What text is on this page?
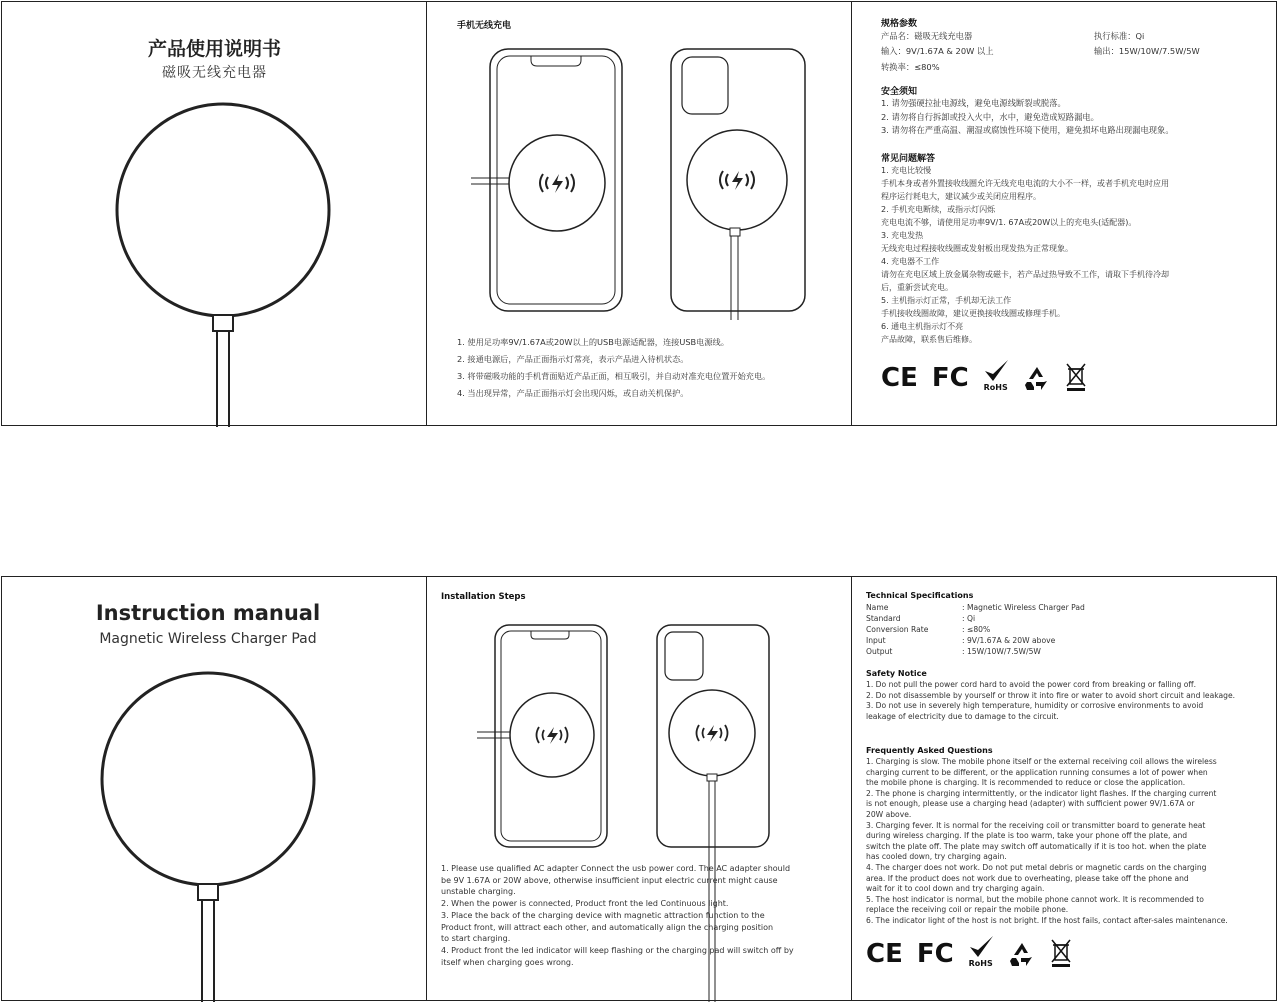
产品使用说明书
磁吸无线充电器
手机无线充电
1. 使用足功率9V/1.67A或20W以上的USB电源适配器，连接USB电源线。
2. 接通电源后，产品正面指示灯常亮，表示产品进入待机状态。
3. 将带磁吸功能的手机背面贴近产品正面，相互吸引，并自动对准充电位置开始充电。
4. 当出现异常，产品正面指示灯会出现闪烁，或自动关机保护。
规格参数
产品名：磁吸无线充电器	执行标准：Qi
输入：9V/1.67A & 20W 以上	输出：15W/10W/7.5W/5W
转换率：≤80%
安全须知
1. 请勿强硬拉扯电源线，避免电源线断裂或脱落。
2. 请勿将自行拆卸或投入火中，水中，避免造成短路漏电。
3. 请勿将在严重高温、潮湿或腐蚀性环境下使用，避免损坏电路出现漏电现象。
常见问题解答
1. 充电比较慢
手机本身或者外置接收线圈允许无线充电电流的大小不一样，或者手机充电时应用
程序运行耗电大，建议减少或关闭应用程序。
2. 手机充电断续，或指示灯闪烁
充电电流不够，请使用足功率9V/1. 67A或20W以上的充电头(适配器)。
3. 充电发热
无线充电过程接收线圈或发射板出现发热为正常现象。
4. 充电器不工作
请勿在充电区域上放金属杂物或磁卡，若产品过热导致不工作，请取下手机待冷却
后，重新尝试充电。
5. 主机指示灯正常，手机却无法工作
手机接收线圈故障，建议更换接收线圈或修理手机。
6. 通电主机指示灯不亮
产品故障，联系售后维修。
CE FC RoHS
Instruction manual
Magnetic Wireless Charger Pad
Installation Steps
1. Please use qualified AC adapter Connect the usb power cord. The AC adapter should
be 9V 1.67A or 20W above, otherwise insufficient input electric current might cause
unstable charging.
2. When the power is connected, Product front the led Continuous light.
3. Place the back of the charging device with magnetic attraction function to the
Product front, will attract each other, and automatically align the charging position
to start charging.
4. Product front the led indicator will keep flashing or the charging pad will switch off by
itself when charging goes wrong.
Technical Specifications
Name	: Magnetic Wireless Charger Pad
Standard	: Qi
Conversion Rate	: ≤80%
Input	: 9V/1.67A & 20W above
Output	: 15W/10W/7.5W/5W
Safety Notice
1. Do not pull the power cord hard to avoid the power cord from breaking or falling off.
2. Do not disassemble by yourself or throw it into fire or water to avoid short circuit and leakage.
3. Do not use in severely high temperature, humidity or corrosive environments to avoid
leakage of electricity due to damage to the circuit.
Frequently Asked Questions
1. Charging is slow. The mobile phone itself or the external receiving coil allows the wireless
charging current to be different, or the application running consumes a lot of power when
the mobile phone is charging. It is recommended to reduce or close the application.
2. The phone is charging intermittently, or the indicator light flashes. If the charging current
is not enough, please use a charging head (adapter) with sufficient power 9V/1.67A or
20W above.
3. Charging fever. It is normal for the receiving coil or transmitter board to generate heat
during wireless charging. If the plate is too warm, take your phone off the plate, and
switch the plate off. The plate may switch off automatically if it is too hot. when the plate
has cooled down, try charging again.
4. The charger does not work. Do not put metal debris or magnetic cards on the charging
area. If the product does not work due to overheating, please take off the phone and
wait for it to cool down and try charging again.
5. The host indicator is normal, but the mobile phone cannot work. It is recommended to
replace the receiving coil or repair the mobile phone.
6. The indicator light of the host is not bright. If the host fails, contact after-sales maintenance.
CE FC RoHS
